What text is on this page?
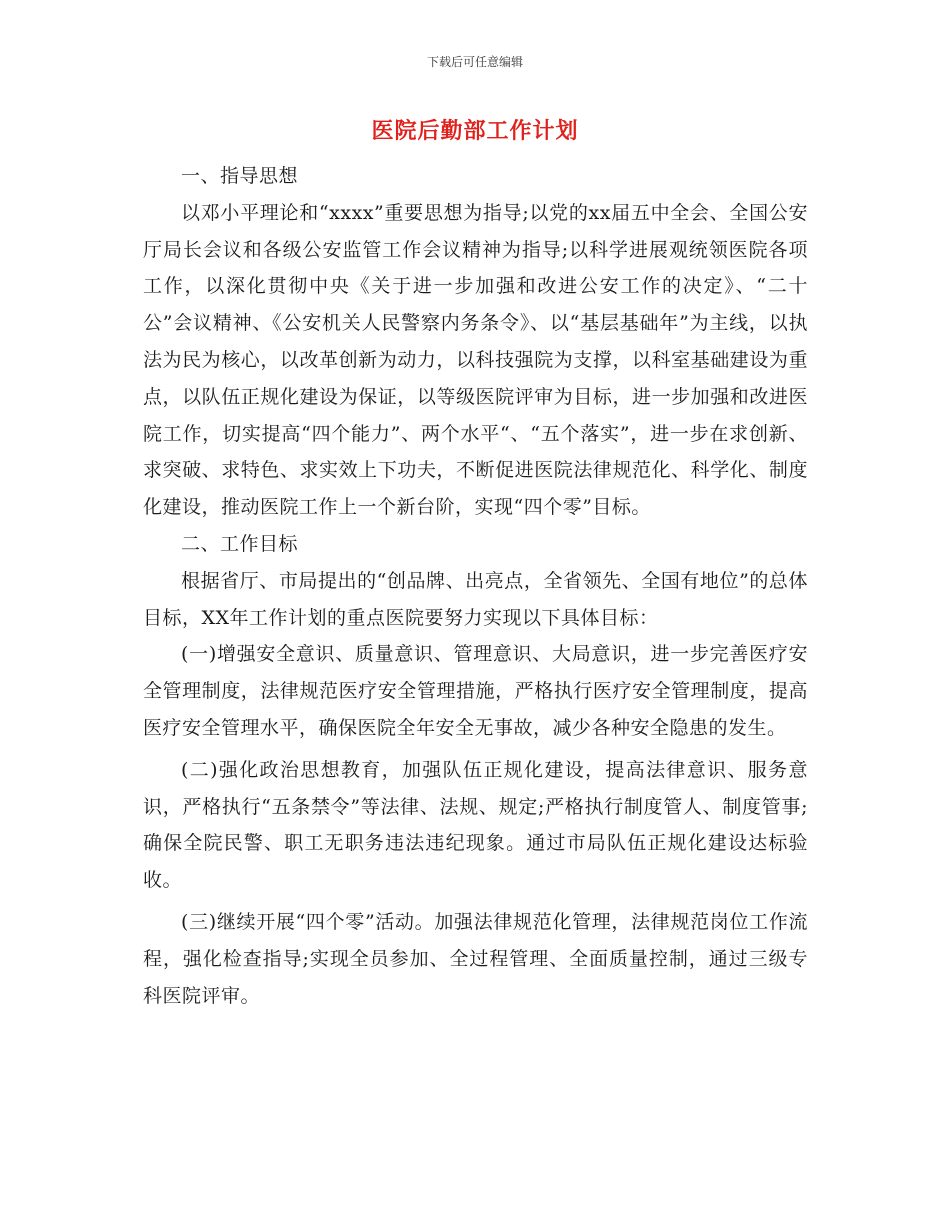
下载后可任意编辑
医院后勤部工作计划

一、指导思想

以邓小平理论和“xxxx”重要思想为指导;以党的xx届五中全会、全国公安厅局长会议和各级公安监管工作会议精神为指导;以科学进展观统领医院各项工作，以深化贯彻中央《关于进一步加强和改进公安工作的决定》、“二十公”会议精神、《公安机关人民警察内务条令》、以“基层基础年”为主线，以执法为民为核心，以改革创新为动力，以科技强院为支撑，以科室基础建设为重点，以队伍正规化建设为保证，以等级医院评审为目标，进一步加强和改进医院工作，切实提高“四个能力”、两个水平“、“五个落实”，进一步在求创新、求突破、求特色、求实效上下功夫，不断促进医院法律规范化、科学化、制度化建设，推动医院工作上一个新台阶，实现“四个零”目标。

二、工作目标

根据省厅、市局提出的“创品牌、出亮点，全省领先、全国有地位”的总体目标，XX年工作计划的重点医院要努力实现以下具体目标：

(一)增强安全意识、质量意识、管理意识、大局意识，进一步完善医疗安全管理制度，法律规范医疗安全管理措施，严格执行医疗安全管理制度，提高医疗安全管理水平，确保医院全年安全无事故，减少各种安全隐患的发生。

(二)强化政治思想教育，加强队伍正规化建设，提高法律意识、服务意识，严格执行“五条禁令”等法律、法规、规定;严格执行制度管人、制度管事;确保全院民警、职工无职务违法违纪现象。通过市局队伍正规化建设达标验收。

(三)继续开展“四个零”活动。加强法律规范化管理，法律规范岗位工作流程，强化检查指导;实现全员参加、全过程管理、全面质量控制，通过三级专科医院评审。
